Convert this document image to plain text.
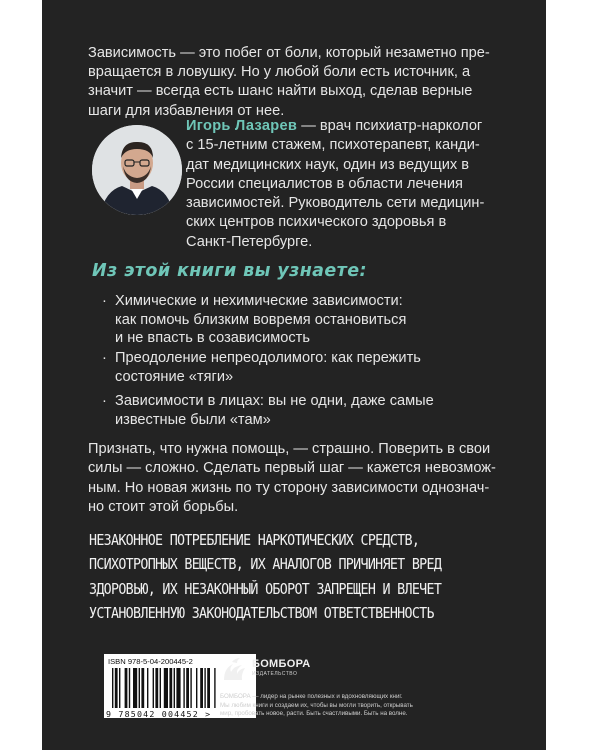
Зависимость — это побег от боли, который незаметно пре-
вращается в ловушку. Но у любой боли есть источник, а
значит — всегда есть шанс найти выход, сделав верные
шаги для избавления от нее.
Игорь Лазарев — врач психиатр-нарколог
с 15-летним стажем, психотерапевт, канди-
дат медицинских наук, один из ведущих в
России специалистов в области лечения
зависимостей. Руководитель сети медицин-
ских центров психического здоровья в
Санкт-Петербурге.
Из этой книги вы узнаете:
· Химические и нехимические зависимости:
как помочь близким вовремя остановиться
и не впасть в созависимость
· Преодоление непреодолимого: как пережить
состояние «тяги»
· Зависимости в лицах: вы не одни, даже самые
известные были «там»
Признать, что нужна помощь, — страшно. Поверить в свои
силы — сложно. Сделать первый шаг — кажется невозмож-
ным. Но новая жизнь по ту сторону зависимости однознач-
но стоит этой борьбы.
НЕЗАКОННОЕ ПОТРЕБЛЕНИЕ НАРКОТИЧЕСКИХ СРЕДСТВ,
ПСИХОТРОПНЫХ ВЕЩЕСТВ, ИХ АНАЛОГОВ ПРИЧИНЯЕТ ВРЕД
ЗДОРОВЬЮ, ИХ НЕЗАКОННЫЙ ОБОРОТ ЗАПРЕЩЕН И ВЛЕЧЕТ
УСТАНОВЛЕННУЮ ЗАКОНОДАТЕЛЬСТВОМ ОТВЕТСТВЕННОСТЬ
ISBN 978-5-04-200445-2
9 785042 004452 >
БОМБОРА
ИЗДАТЕЛЬСТВО
БОМБОРА — лидер на рынке полезных и вдохновляющих книг.
Мы любим книги и создаем их, чтобы вы могли творить, открывать
мир, пробовать новое, расти. Быть счастливыми. Быть на волне.
